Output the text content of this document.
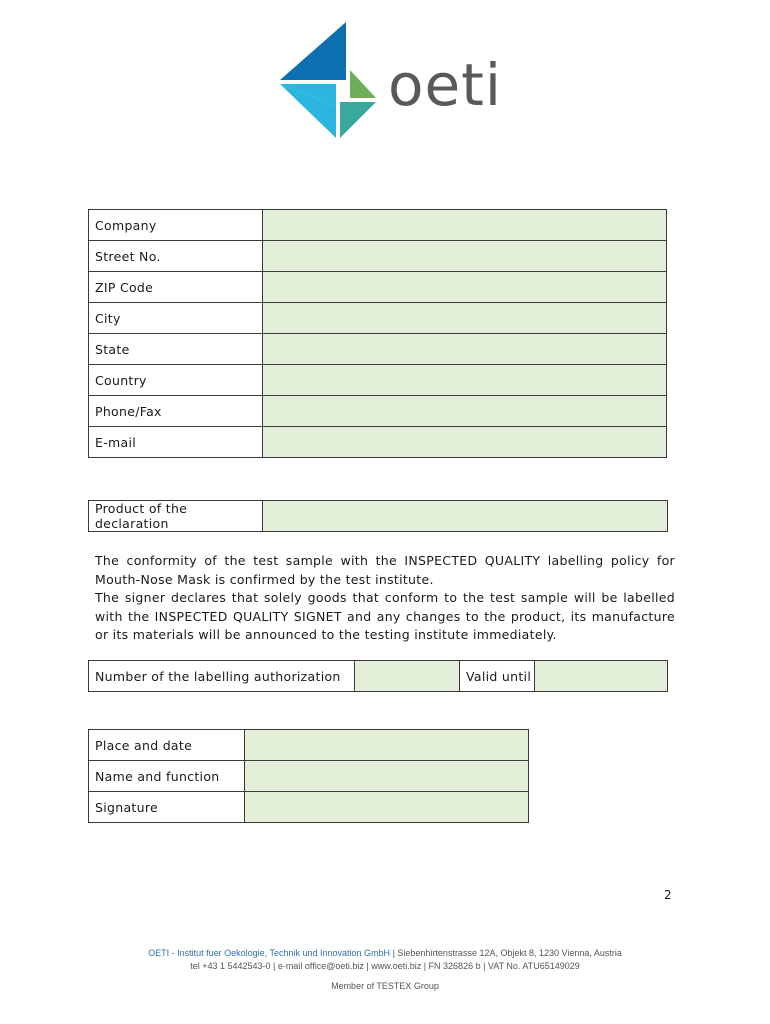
oeti
Company	
Street No.	
ZIP Code	
City	
State	
Country	
Phone/Fax	
E-mail	
Product of the declaration	

The conformity of the test sample with the INSPECTED QUALITY labelling policy for Mouth-Nose Mask is confirmed by the test institute.

The signer declares that solely goods that conform to the test sample will be labelled with the INSPECTED QUALITY SIGNET and any changes to the product, its manufacture or its materials will be announced to the testing institute immediately.

Number of the labelling authorization		Valid until	
Place and date	
Name and function	
Signature	
2
OETI - Institut fuer Oekologie, Technik und Innovation GmbH | Siebenhirtenstrasse 12A, Objekt 8, 1230 Vienna, Austria
tel +43 1 5442543-0 | e-mail office@oeti.biz | www.oeti.biz | FN 326826 b | VAT No. ATU65149029
Member of TESTEX Group
